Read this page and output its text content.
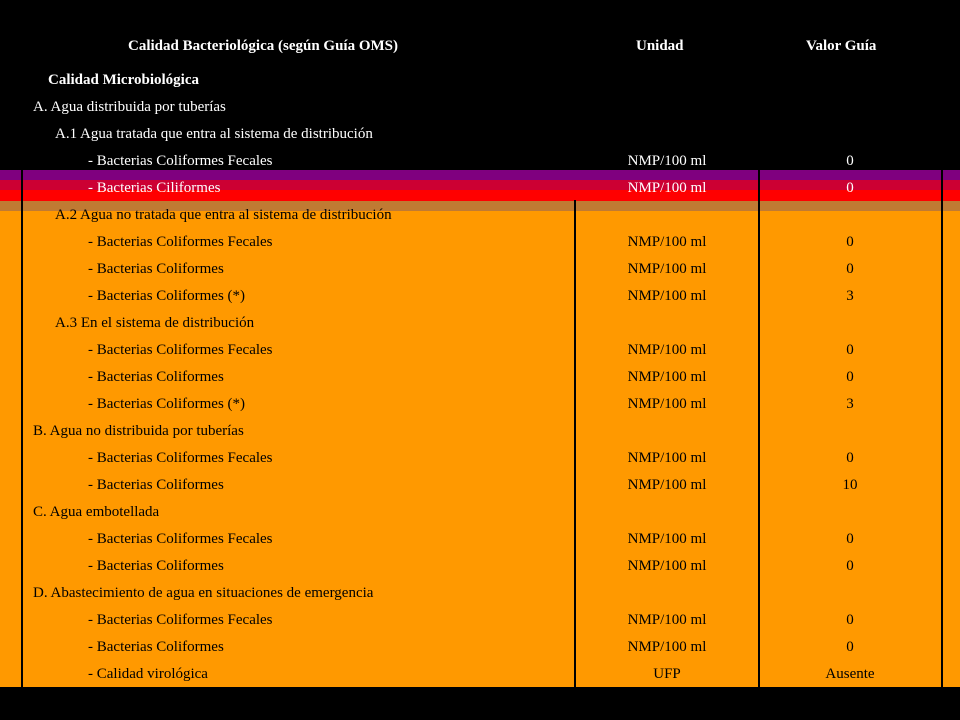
Calidad Bacteriológica (según Guía OMS)	Unidad	Valor Guía
Calidad Microbiológica
A. Agua distribuida por tuberías
A.1 Agua tratada que entra al sistema de distribución
- Bacterias Coliformes Fecales	NMP/100 ml	0
- Bacterias Ciliformes	NMP/100 ml	0
A.2 Agua no tratada que entra al sistema de distribución
- Bacterias Coliformes Fecales	NMP/100 ml	0
- Bacterias Coliformes	NMP/100 ml	0
- Bacterias Coliformes (*)	NMP/100 ml	3
A.3 En el sistema de distribución
- Bacterias Coliformes Fecales	NMP/100 ml	0
- Bacterias Coliformes	NMP/100 ml	0
- Bacterias Coliformes (*)	NMP/100 ml	3
B. Agua no distribuida por tuberías
- Bacterias Coliformes Fecales	NMP/100 ml	0
- Bacterias Coliformes	NMP/100 ml	10
C. Agua embotellada
- Bacterias Coliformes Fecales	NMP/100 ml	0
- Bacterias Coliformes	NMP/100 ml	0
D. Abastecimiento de agua en situaciones de emergencia
- Bacterias Coliformes Fecales	NMP/100 ml	0
- Bacterias Coliformes	NMP/100 ml	0
- Calidad virológica	UFP	Ausente
